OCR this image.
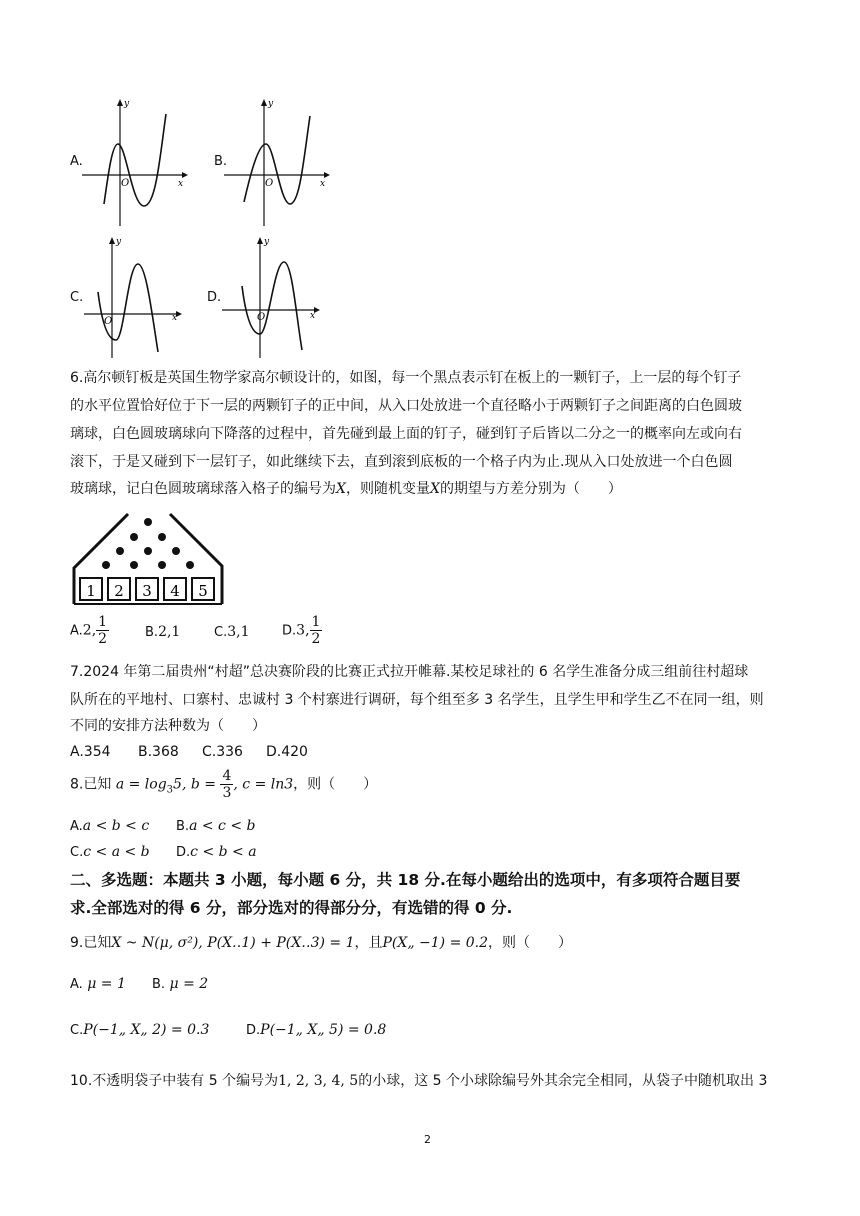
A.
y
x
O
B.
y
x
O
C.
y
x
O
D.
y
x
O
6.高尔顿钉板是英国生物学家高尔顿设计的，如图，每一个黑点表示钉在板上的一颗钉子，上一层的每个钉子
的水平位置恰好位于下一层的两颗钉子的正中间，从入口处放进一个直径略小于两颗钉子之间距离的白色圆玻
璃球，白色圆玻璃球向下降落的过程中，首先碰到最上面的钉子，碰到钉子后皆以二分之一的概率向左或向右
滚下，于是又碰到下一层钉子，如此继续下去，直到滚到底板的一个格子内为止.现从入口处放进一个白色圆
玻璃球，记白色圆玻璃球落入格子的编号为X，则随机变量X的期望与方差分别为（　　）
1 2 3 4 5
A.2, $\frac{1}{2}$	B.2,1	C.3,1	D.3, $\frac{1}{2}$
7.2024 年第二届贵州“村超”总决赛阶段的比赛正式拉开帷幕.某校足球社的 6 名学生准备分成三组前往村超球
队所在的平地村、口寨村、忠诚村 3 个村寨进行调研，每个组至多 3 名学生，且学生甲和学生乙不在同一组，则
不同的安排方法种数为（　　）
A.354 B.368 C.336 D.420
8.已知 $a = \log_35$, $b = \frac{4}{3}$ , c = ln3，则（　　）
A.a < b < c B.a < c < b
C.c < a < b D.c < b < a
二、多选题：本题共 3 小题，每小题 6 分，共 18 分.在每小题给出的选项中，有多项符合题目要
求.全部选对的得 6 分，部分选对的得部分分，有选错的得 0 分.
9.已知X ~ N(μ, σ²), P(X‥1) + P(X‥3) = 1，且P(X„ −1) = 0.2，则（　　）
A. μ = 1 B. μ = 2
C.P(−1„ X„ 2) = 0.3	D.P(−1„ X„ 5) = 0.8
10.不透明袋子中装有 5 个编号为1, 2, 3, 4, 5的小球，这 5 个小球除编号外其余完全相同，从袋子中随机取出 3
2
